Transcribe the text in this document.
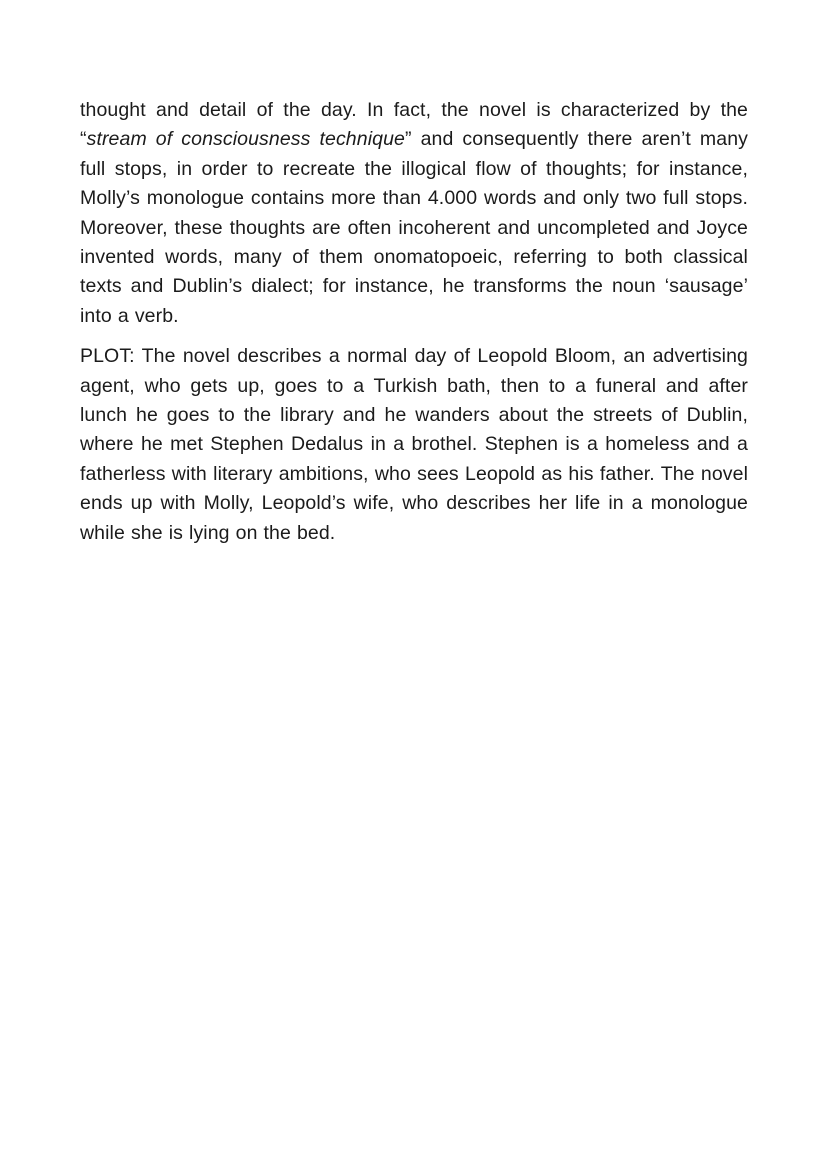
thought and detail of the day. In fact, the novel is characterized by the “stream of consciousness technique” and consequently there aren’t many full stops, in order to recreate the illogical flow of thoughts; for instance, Molly’s monologue contains more than 4.000 words and only two full stops. Moreover, these thoughts are often incoherent and uncompleted and Joyce invented words, many of them onomatopoeic, referring to both classical texts and Dublin’s dialect; for instance, he transforms the noun ‘sausage’ into a verb.

PLOT: The novel describes a normal day of Leopold Bloom, an advertising agent, who gets up, goes to a Turkish bath, then to a funeral and after lunch he goes to the library and he wanders about the streets of Dublin, where he met Stephen Dedalus in a brothel. Stephen is a homeless and a fatherless with literary ambitions, who sees Leopold as his father. The novel ends up with Molly, Leopold’s wife, who describes her life in a monologue while she is lying on the bed.
